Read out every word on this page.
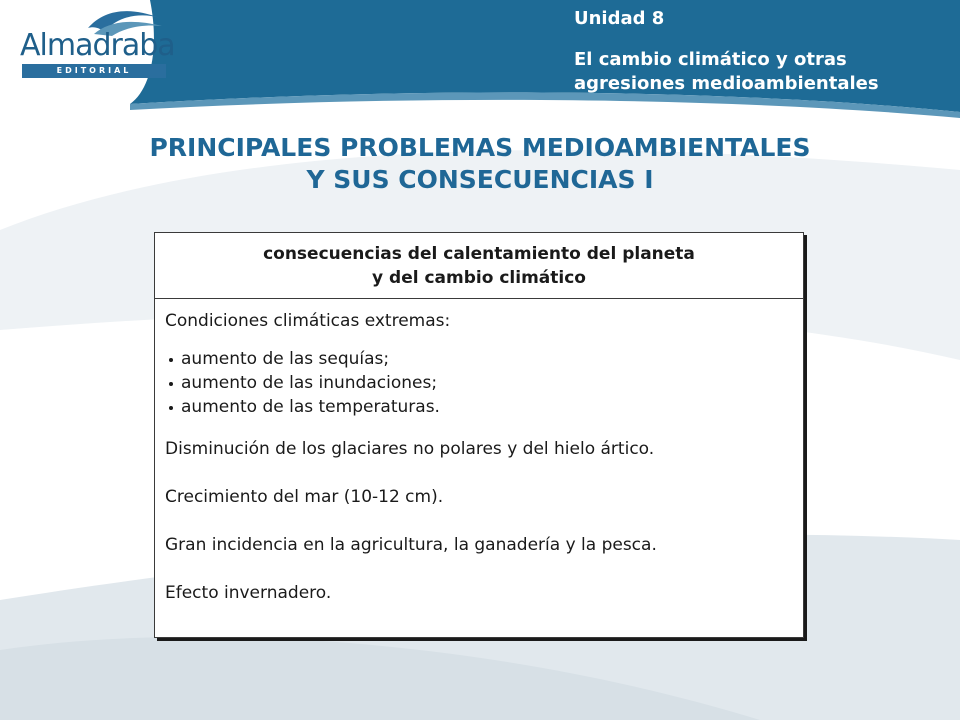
Almadraba
EDITORIAL
Unidad 8
El cambio climático y otras agresiones medioambientales
PRINCIPALES PROBLEMAS MEDIOAMBIENTALES
Y SUS CONSECUENCIAS I
consecuencias del calentamiento del planeta
y del cambio climático
Condiciones climáticas extremas:
aumento de las sequías;
aumento de las inundaciones;
aumento de las temperaturas.
Disminución de los glaciares no polares y del hielo ártico.
Crecimiento del mar (10-12 cm).
Gran incidencia en la agricultura, la ganadería y la pesca.
Efecto invernadero.
